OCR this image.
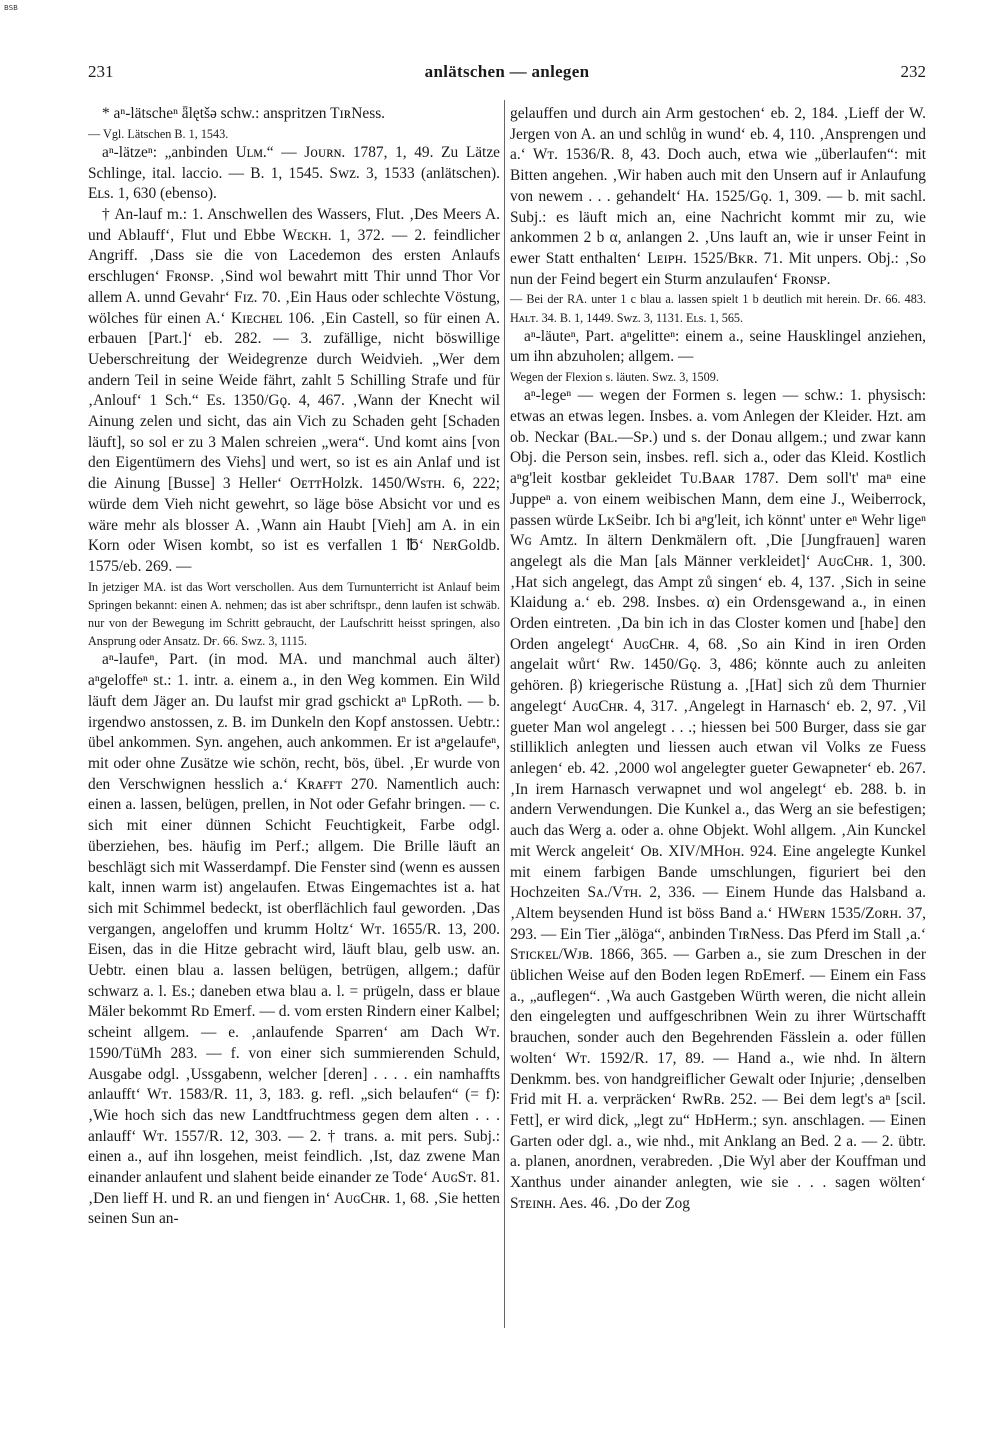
BSB
231	anlätschen — anlegen	232

* aⁿ-lätscheⁿ ǟlętšə schw.: anspritzen TɪʀNess.

— Vgl. Lätschen B. 1, 1543.

aⁿ-lätzeⁿ: „anbinden Uʟᴍ.“ — Jᴏᴜʀɴ. 1787, 1, 49. Zu Lätze Schlinge, ital. laccio. — B. 1, 1545. Swz. 3, 1533 (anlätschen). Eʟs. 1, 630 (ebenso).

† An-lauf m.: 1. Anschwellen des Wassers, Flut. ‚Des Meers A. und Ablauff‘, Flut und Ebbe Wᴇᴄᴋʜ. 1, 372. — 2. feindlicher Angriff. ‚Dass sie die von Lacedemon des ersten Anlaufs erschlugen‘ Fʀᴏɴsᴘ. ‚Sind wol bewahrt mitt Thir unnd Thor Vor allem A. unnd Gevahr‘ Fɪᴢ. 70. ‚Ein Haus oder schlechte Vöstung, wölches für einen A.‘ Kɪᴇᴄʜᴇʟ 106. ‚Ein Castell, so für einen A. erbauen [Part.]‘ eb. 282. — 3. zufällige, nicht böswillige Ueberschreitung der Weidegrenze durch Weidvieh. „Wer dem andern Teil in seine Weide fährt, zahlt 5 Schilling Strafe und für ‚Anlouf‘ 1 Sch.“ Es. 1350/Gǫ. 4, 467. ‚Wann der Knecht wil Ainung zelen und sicht, das ain Vich zu Schaden geht [Schaden läuft], so sol er zu 3 Malen schreien „wera“. Und komt ains [von den Eigentümern des Viehs] und wert, so ist es ain Anlaf und ist die Ainung [Busse] 3 Heller‘ OᴇᴛᴛHolzk. 1450/Wsᴛʜ. 6, 222; würde dem Vieh nicht gewehrt, so läge böse Absicht vor und es wäre mehr als blosser A. ‚Wann ain Haubt [Vieh] am A. in ein Korn oder Wisen kombt, so ist es verfallen 1 ℔‘ NᴇʀGoldb. 1575/eb. 269. —

In jetziger MA. ist das Wort verschollen. Aus dem Turnunterricht ist Anlauf beim Springen bekannt: einen A. nehmen; das ist aber schriftspr., denn laufen ist schwäb. nur von der Bewegung im Schritt gebraucht, der Laufschritt heisst springen, also Ansprung oder Ansatz. Dғ. 66. Swz. 3, 1115.

aⁿ-laufeⁿ, Part. (in mod. MA. und manchmal auch älter) aⁿgeloffeⁿ st.: 1. intr. a. einem a., in den Weg kommen. Ein Wild läuft dem Jäger an. Du laufst mir grad gschickt aⁿ LpRoth. — b. irgendwo anstossen, z. B. im Dunkeln den Kopf anstossen. Uebtr.: übel ankommen. Syn. angehen, auch ankommen. Er ist aⁿgelaufeⁿ, mit oder ohne Zusätze wie schön, recht, bös, übel. ‚Er wurde von den Verschwignen hesslich a.‘ Kʀᴀғғᴛ 270. Namentlich auch: einen a. lassen, belügen, prellen, in Not oder Gefahr bringen. — c. sich mit einer dünnen Schicht Feuchtigkeit, Farbe odgl. überziehen, bes. häufig im Perf.; allgem. Die Brille läuft an beschlägt sich mit Wasserdampf. Die Fenster sind (wenn es aussen kalt, innen warm ist) angelaufen. Etwas Eingemachtes ist a. hat sich mit Schimmel bedeckt, ist oberflächlich faul geworden. ‚Das vergangen, angeloffen und krumm Holtz‘ Wᴛ. 1655/R. 13, 200. Eisen, das in die Hitze gebracht wird, läuft blau, gelb usw. an. Uebtr. einen blau a. lassen belügen, betrügen, allgem.; dafür schwarz a. l. Es.; daneben etwa blau a. l. = prügeln, dass er blaue Mäler bekommt Rᴅ Emerf. — d. vom ersten Rindern einer Kalbel; scheint allgem. — e. ‚anlaufende Sparren‘ am Dach Wᴛ. 1590/TüMh 283. — f. von einer sich summierenden Schuld, Ausgabe odgl. ‚Ussgabenn, welcher [deren] . . . . ein namhaffts anlaufft‘ Wᴛ. 1583/R. 11, 3, 183. g. refl. „sich belaufen“ (= f): ‚Wie hoch sich das new Landtfruchtmess gegen dem alten . . . anlauff‘ Wᴛ. 1557/R. 12, 303. — 2. † trans. a. mit pers. Subj.: einen a., auf ihn losgehen, meist feindlich. ‚Ist, daz zwene Man einander anlaufent und slahent beide einander ze Tode‘ AᴜɢSᴛ. 81. ‚Den lieff H. und R. an und fiengen in‘ AᴜɢCʜʀ. 1, 68. ‚Sie hetten seinen Sun an-

gelauffen und durch ain Arm gestochen‘ eb. 2, 184. ‚Lieff der W. Jergen von A. an und schlůg in wund‘ eb. 4, 110. ‚Ansprengen und a.‘ Wᴛ. 1536/R. 8, 43. Doch auch, etwa wie „überlaufen“: mit Bitten angehen. ‚Wir haben auch mit den Unsern auf ir Anlaufung von newem . . . gehandelt‘ Hᴀ. 1525/Gǫ. 1, 309. — b. mit sachl. Subj.: es läuft mich an, eine Nachricht kommt mir zu, wie ankommen 2 b α, anlangen 2. ‚Uns lauft an, wie ir unser Feint in ewer Statt enthalten‘ Lᴇɪᴘʜ. 1525/Bᴋʀ. 71. Mit unpers. Obj.: ‚So nun der Feind begert ein Sturm anzulaufen‘ Fʀᴏɴsᴘ.

— Bei der RA. unter 1 c blau a. lassen spielt 1 b deutlich mit herein. Dғ. 66. 483. Hᴀʟᴛ. 34. B. 1, 1449. Swz. 3, 1131. Eʟs. 1, 565.

aⁿ-läuteⁿ, Part. aⁿgelitteⁿ: einem a., seine Hausklingel anziehen, um ihn abzuholen; allgem. —

Wegen der Flexion s. läuten. Swz. 3, 1509.

aⁿ-legeⁿ — wegen der Formen s. legen — schw.: 1. physisch: etwas an etwas legen. Insbes. a. vom Anlegen der Kleider. Hzt. am ob. Neckar (Bᴀʟ.—Sᴘ.) und s. der Donau allgem.; und zwar kann Obj. die Person sein, insbes. refl. sich a., oder das Kleid. Kostlich aⁿg'leit kostbar gekleidet Tᴜ.Bᴀᴀʀ 1787. Dem soll't' maⁿ eine Juppeⁿ a. von einem weibischen Mann, dem eine J., Weiberrock, passen würde LᴋSeibr. Ich bi aⁿg'leit, ich könnt' unter eⁿ Wehr ligeⁿ Wɢ Amtz. In ältern Denkmälern oft. ‚Die [Jungfrauen] waren angelegt als die Man [als Männer verkleidet]‘ AᴜɢCʜʀ. 1, 300. ‚Hat sich angelegt, das Ampt zů singen‘ eb. 4, 137. ‚Sich in seine Klaidung a.‘ eb. 298. Insbes. α) ein Ordensgewand a., in einen Orden eintreten. ‚Da bin ich in das Closter komen und [habe] den Orden angelegt‘ AᴜɢCʜʀ. 4, 68. ‚So ain Kind in iren Orden angelait wůrt‘ Rᴡ. 1450/Gǫ. 3, 486; könnte auch zu anleiten gehören. β) kriegerische Rüstung a. ‚[Hat] sich zů dem Thurnier angelegt‘ AᴜɢCʜʀ. 4, 317. ‚Angelegt in Harnasch‘ eb. 2, 97. ‚Vil gueter Man wol angelegt . . .; hiessen bei 500 Burger, dass sie gar stilliklich anlegten und liessen auch etwan vil Volks ze Fuess anlegen‘ eb. 42. ‚2000 wol angelegter gueter Gewapneter‘ eb. 267. ‚In irem Harnasch verwapnet und wol angelegt‘ eb. 288. b. in andern Verwendungen. Die Kunkel a., das Werg an sie befestigen; auch das Werg a. oder a. ohne Objekt. Wohl allgem. ‚Ain Kunckel mit Werck angeleit‘ Oʙ. XIV/MHᴏʜ. 924. Eine angelegte Kunkel mit einem farbigen Bande umschlungen, figuriert bei den Hochzeiten Sᴀ./Vᴛʜ. 2, 336. — Einem Hunde das Halsband a. ‚Altem beysenden Hund ist böss Band a.‘ HWᴇʀɴ 1535/Zᴏʀʜ. 37, 293. — Ein Tier „älöga“, anbinden TɪʀNess. Das Pferd im Stall ‚a.‘ Sᴛɪᴄᴋᴇʟ/Wᴊʙ. 1866, 365. — Garben a., sie zum Dreschen in der üblichen Weise auf den Boden legen RᴅEmerf. — Einem ein Fass a., „auflegen“. ‚Wa auch Gastgeben Würth weren, die nicht allein den eingelegten und auffgeschribnen Wein zu ihrer Würtschafft brauchen, sonder auch den Begehrenden Fässlein a. oder füllen wolten‘ Wᴛ. 1592/R. 17, 89. — Hand a., wie nhd. In ältern Denkmm. bes. von handgreiflicher Gewalt oder Injurie; ‚denselben Frid mit H. a. verpräcken‘ RᴡRʙ. 252. — Bei dem legt's aⁿ [scil. Fett], er wird dick, „legt zu“ HᴅHerm.; syn. anschlagen. — Einen Garten oder dgl. a., wie nhd., mit Anklang an Bed. 2 a. — 2. übtr. a. planen, anordnen, verabreden. ‚Die Wyl aber der Kouffman und Xanthus under ainander anlegten, wie sie . . . sagen wölten‘ Sᴛᴇɪɴʜ. Aes. 46. ‚Do der Zog
